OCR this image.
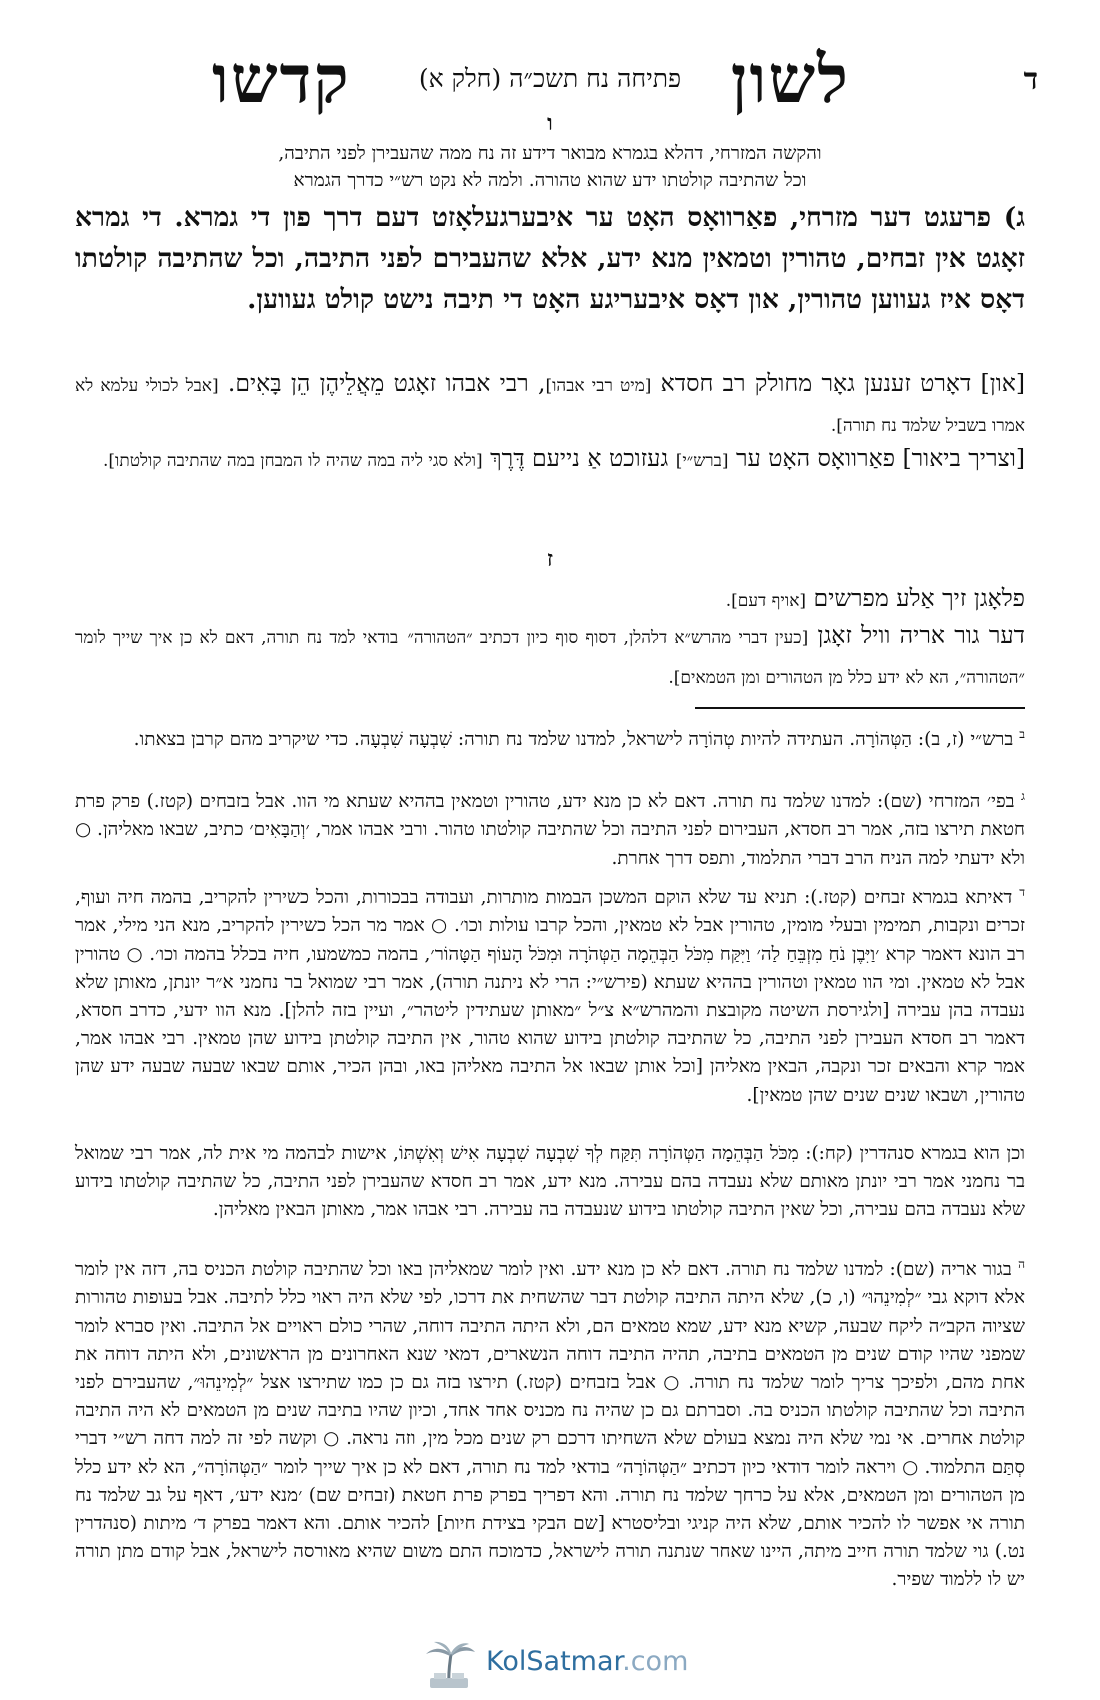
ד
לשון
פתיחה נח תשכ״ה (חלק א)
קדשו
ו
והקשה המזרחי, דהלא בגמרא מבואר דידע זה נח ממה שהעבירן לפני התיבה,
וכל שהתיבה קולטתו ידע שהוא טהורה. ולמה לא נקט רש״י כדרך הגמרא
ג) פרעגט דער מזרחי, פאַרוואָס האָט ער איבערגעלאָזט דעם דרך פון די גמרא. די גמרא זאָגט אין זבחים, טהורין וטמאין מנא ידע, אלא שהעבירם לפני התיבה, וכל שהתיבה קולטתו דאָס איז געווען טהורין, און דאָס איבעריגע האָט די תיבה נישט קולט געווען.
[און] דאָרט זענען גאָר מחולק רב חסדא [מיט רבי אבהו], רבי אבהו זאָגט מֵאֲלֵיהֶן הֵן בָּאִים. [אבל לכולי עלמא לא אמרו בשביל שלמד נח תורה].
[וצריך ביאור] פאַרוואָס האָט ער [ברש״י] געזוכט אַ נייעם דֶּרֶךְ [ולא סגי ליה במה שהיה לו המבחן במה שהתיבה קולטתו].
ז
פלאָגן זיך אַלע מפרשים [אויף דעם].
דער גור אריה וויל זאָגן [כעין דברי מהרש״א דלהלן, דסוף סוף כיון דכתיב ״הטהורה״ בודאי למד נח תורה, דאם לא כן איך שייך לומר ״הטהורה״, הא לא ידע כלל מן הטהורים ומן הטמאים].
$^ב$ ברש״י (ז, ב): הַטְּהוֹרָה. העתידה להיות טְהוֹרָה לישראל, למדנו שלמד נח תורה: שִׁבְעָה שִׁבְעָה. כדי שיקריב מהם קרבן בצאתו.
$^ג$ בפי׳ המזרחי (שם): למדנו שלמד נח תורה. דאם לא כן מנא ידע, טהורין וטמאין בההיא שעתא מי הוו. אבל בזבחים (קטז.) פרק פרת חטאת תירצו בזה, אמר רב חסדא, העבירום לפני התיבה וכל שהתיבה קולטתו טהור. ורבי אבהו אמר, ׳וְהַבָּאִים׳ כתיב, שבאו מאליהן. ○ ולא ידעתי למה הניח הרב דברי התלמוד, ותפס דרך אחרת.
$^ד$ דאיתא בגמרא זבחים (קטז.): תניא עד שלא הוקם המשכן הבמות מותרות, ועבודה בבכורות, והכל כשירין להקריב, בהמה חיה ועוף, זכרים ונקבות, תמימין ובעלי מומין, טהורין אבל לא טמאין, והכל קרבו עולות וכו׳. ○ אמר מר הכל כשירין להקריב, מנא הני מילי, אמר רב הונא דאמר קרא ׳וַיִּבֶן נֹחַ מִזְבֵּחַ לַה׳ וַיִּקַּח מִכֹּל הַבְּהֵמָה הַטְּהֹרָה וּמִכֹּל הָעוֹף הַטָּהוֹר׳, בהמה כמשמעו, חיה בכלל בהמה וכו׳. ○ טהורין אבל לא טמאין. ומי הוו טמאין וטהורין בההיא שעתא (פירש״י: הרי לא ניתנה תורה), אמר רבי שמואל בר נחמני א״ר יונתן, מאותן שלא נעבדה בהן עבירה [ולגירסת השיטה מקובצת והמהרש״א צ״ל ״מאותן שעתידין ליטהר״, ועיין בזה להלן]. מנא הוו ידעי, כדרב חסדא, דאמר רב חסדא העבירן לפני התיבה, כל שהתיבה קולטתן בידוע שהוא טהור, אין התיבה קולטתן בידוע שהן טמאין. רבי אבהו אמר, אמר קרא והבאים זכר ונקבה, הבאין מאליהן [וכל אותן שבאו אל התיבה מאליהן באו, ובהן הכיר, אותם שבאו שבעה שבעה ידע שהן טהורין, ושבאו שנים שנים שהן טמאין].
וכן הוא בגמרא סנהדרין (קח:): מִכֹּל הַבְּהֵמָה הַטְּהוֹרָה תִּקַּח לְךָ שִׁבְעָה שִׁבְעָה אִישׁ וְאִשְׁתּוֹ, אישות לבהמה מי אית לה, אמר רבי שמואל בר נחמני אמר רבי יונתן מאותם שלא נעבדה בהם עבירה. מנא ידע, אמר רב חסדא שהעבירן לפני התיבה, כל שהתיבה קולטתו בידוע שלא נעבדה בהם עבירה, וכל שאין התיבה קולטתו בידוע שנעבדה בה עבירה. רבי אבהו אמר, מאותן הבאין מאליהן.
$^ה$ בגור אריה (שם): למדנו שלמד נח תורה. דאם לא כן מנא ידע. ואין לומר שמאליהן באו וכל שהתיבה קולטת הכניס בה, דזה אין לומר אלא דוקא גבי ״לְמִינֵהוּ״ (ו, כ), שלא היתה התיבה קולטת דבר שהשחית את דרכו, לפי שלא היה ראוי כלל לתיבה. אבל בעופות טהורות שציוה הקב״ה ליקח שבעה, קשיא מנא ידע, שמא טמאים הם, ולא היתה התיבה דוחה, שהרי כולם ראויים אל התיבה. ואין סברא לומר שמפני שהיו קודם שנים מן הטמאים בתיבה, תהיה התיבה דוחה הנשארים, דמאי שנא האחרונים מן הראשונים, ולא היתה דוחה את אחת מהם, ולפיכך צריך לומר שלמד נח תורה. ○ אבל בזבחים (קטז.) תירצו בזה גם כן כמו שתירצו אצל ״לְמִינֵהוּ״, שהעבירם לפני התיבה וכל שהתיבה קולטתו הכניס בה. וסברתם גם כן שהיה נח מכניס אחד אחד, וכיון שהיו בתיבה שנים מן הטמאים לא היה התיבה קולטת אחרים. אי נמי שלא היה נמצא בעולם שלא השחיתו דרכם רק שנים מכל מין, וזה נראה. ○ וקשה לפי זה למה דחה רש״י דברי סְתַּם התלמוד. ○ ויראה לומר דודאי כיון דכתיב ״הַטְּהוֹרָה״ בודאי למד נח תורה, דאם לא כן איך שייך לומר ״הַטְּהוֹרָה״, הא לא ידע כלל מן הטהורים ומן הטמאים, אלא על כרחך שלמד נח תורה. והא דפריך בפרק פרת חטאת (זבחים שם) ׳מנא ידע׳, דאף על גב שלמד נח תורה אי אפשר לו להכיר אותם, שלא היה קניגי ובליסטרא [שם הבקי בצידת חיות] להכיר אותם. והא דאמר בפרק ד׳ מיתות (סנהדרין נט.) גוי שלמד תורה חייב מיתה, היינו שאחר שנתנה תורה לישראל, כדמוכח התם משום שהיא מאורסה לישראל, אבל קודם מתן תורה יש לו ללמוד שפיר.
KolSatmar.com
